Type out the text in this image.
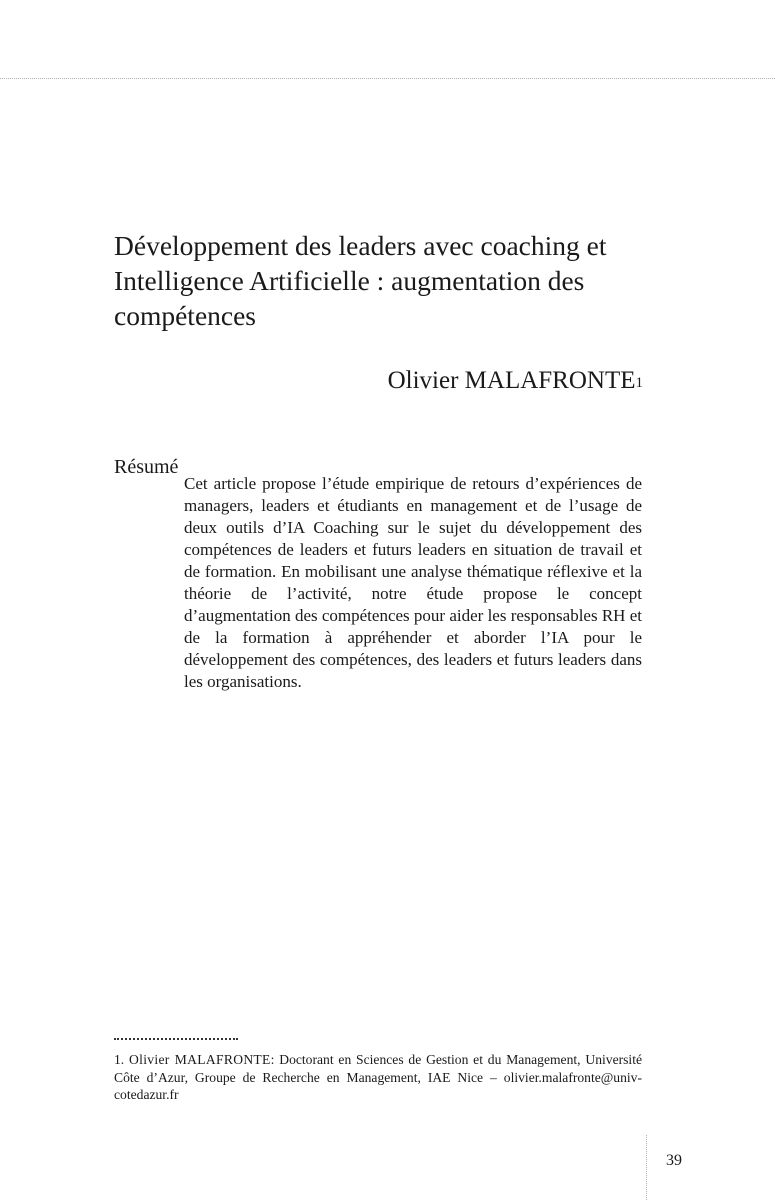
Développement des leaders avec coaching et Intelligence Artificielle : augmentation des compétences
Olivier MALAFRONTE$^1$
Résumé

Cet article propose l’étude empirique de retours d’expériences de managers, leaders et étudiants en management et de l’usage de deux outils d’IA Coaching sur le sujet du développement des compétences de leaders et futurs leaders en situation de travail et de formation. En mobilisant une analyse thématique réflexive et la théorie de l’activité, notre étude propose le concept d’augmentation des compétences pour aider les responsables RH et de la formation à appréhender et aborder l’IA pour le développement des compétences, des leaders et futurs leaders dans les organisations.

1. Olivier MALAFRONTE: Doctorant en Sciences de Gestion et du Management, Université Côte d’Azur, Groupe de Recherche en Management, IAE Nice – olivier.malafronte@univ-cotedazur.fr

39
